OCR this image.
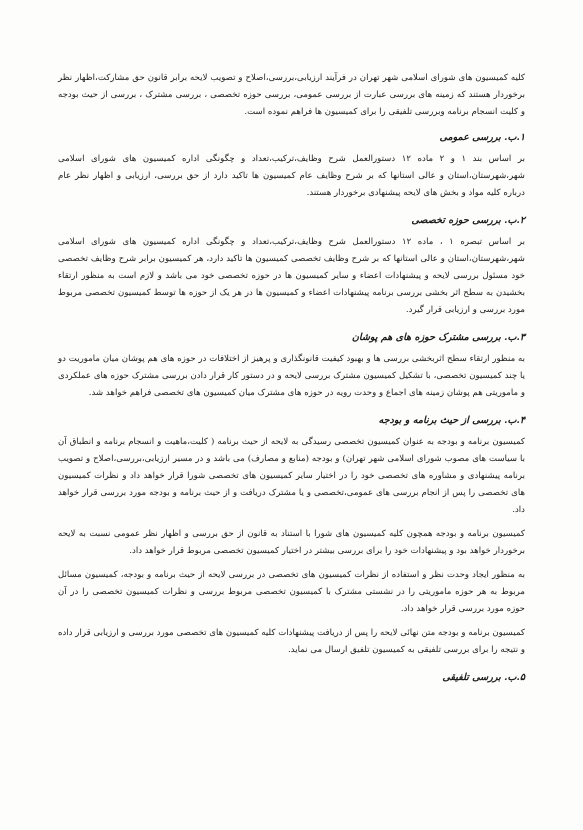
کلیه کمیسیون های شورای اسلامی شهر تهران در فرآیند ارزیابی،بررسی،اصلاح و تصویب لایحه برابر قانون حق مشارکت،اظهار نظر برخوردار هستند که زمینه های بررسی عبارت از بررسی عمومی، بررسی حوزه تخصصی ، بررسی مشترک ، بررسی از حیث بودجه و کلیت انسجام برنامه وبررسی تلفیقی را برای کمیسیون ها فراهم نموده است.

۱.ب. بررسی عمومی

بر اساس بند ۱ و ۲ ماده ۱۲ دستورالعمل شرح وظایف،ترکیب،تعداد و چگونگی اداره کمیسیون های شورای اسلامی شهر،شهرستان،استان و عالی استانها که بر شرح وظایف عام کمیسیون ها تاکید دارد از حق بررسی، ارزیابی و اظهار نظر عام درباره کلیه مواد و بخش های لایحه پیشنهادی برخوردار هستند.

۲.ب. بررسی حوزه تخصصی

بر اساس تبصره ۱ ، ماده ۱۲ دستورالعمل شرح وظایف،ترکیب،تعداد و چگونگی اداره کمیسیون های شورای اسلامی شهر،شهرستان،استان و عالی استانها که بر شرح وظایف تخصصی کمیسیون ها تاکید دارد، هر کمیسیون برابر شرح وظایف تخصصی خود مسئول بررسی لایحه و پیشنهادات اعضاء و سایر کمیسیون ها در حوزه تخصصی خود می باشد و لازم است به منظور ارتقاء بخشیدن به سطح اثر بخشی بررسی برنامه پیشنهادات اعضاء و کمیسیون ها در هر یک از حوزه ها توسط کمیسیون تخصصی مربوط مورد بررسی و ارزیابی قرار گیرد.

۳.ب. بررسی مشترک حوزه های هم پوشان

به منظور ارتقاء سطح اثربخشی بررسی ها و بهبود کیفیت قانونگذاری و پرهیز از اختلافات در حوزه های هم پوشان میان ماموریت دو یا چند کمیسیون تخصصی، با تشکیل کمیسیون مشترک بررسی لایحه و در دستور کار قرار دادن بررسی مشترک حوزه های عملکردی و ماموریتی هم پوشان زمینه های اجماع و وحدت رویه در حوزه های مشترک میان کمیسیون های تخصصی فراهم خواهد شد.

۴.ب. بررسی از حیث برنامه و بودجه

کمیسیون برنامه و بودجه به عنوان کمیسیون تخصصی رسیدگی به لایحه از حیث برنامه ( کلیت،ماهیت و انسجام برنامه و انطباق آن با سیاست های مصوب شورای اسلامی شهر تهران) و بودجه (منابع و مصارف) می باشد و در مسیر ارزیابی،بررسی،اصلاح و تصویب برنامه پیشنهادی و مشاوره های تخصصی خود را در اختیار سایر کمیسیون های تخصصی شورا قرار خواهد داد و نظرات کمیسیون های تخصصی را پس از انجام بررسی های عمومی،تخصصی و یا مشترک دریافت و از حیث برنامه و بودجه مورد بررسی قرار خواهد داد.

کمیسیون برنامه و بودجه همچون کلیه کمیسیون های شورا با استناد به قانون از حق بررسی و اظهار نظر عمومی نسبت به لایحه برخوردار خواهد بود و پیشنهادات خود را برای بررسی بیشتر در اختیار کمیسیون تخصصی مربوط قرار خواهد داد.

به منظور ایجاد وحدت نظر و استفاده از نظرات کمیسیون های تخصصی در بررسی لایحه از حیث برنامه و بودجه، کمیسیون مسائل مربوط به هر حوزه ماموریتی را در نشستی مشترک با کمیسیون تخصصی مربوط بررسی و نظرات کمیسیون تخصصی را در آن حوزه مورد بررسی قرار خواهد داد.

کمیسیون برنامه و بودجه متن نهائی لایحه را پس از دریافت پیشنهادات کلیه کمیسیون های تخصصی مورد بررسی و ارزیابی قرار داده و نتیجه را برای بررسی تلفیقی به کمیسیون تلفیق ارسال می نماید.

۵.ب. بررسی تلفیقی
